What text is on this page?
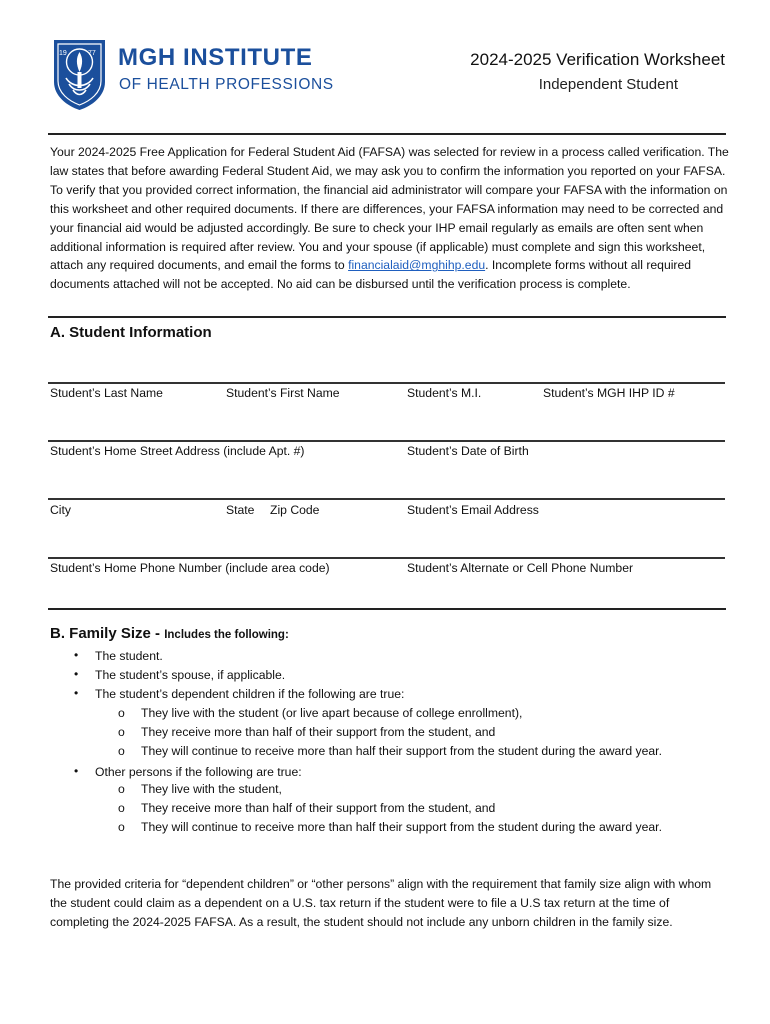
19	77 MGH INSTITUTE
OF HEALTH PROFESSIONS
2024-2025 Verification Worksheet
Independent Student
Your 2024-2025 Free Application for Federal Student Aid (FAFSA) was selected for review in a process called verification. The law states that before awarding Federal Student Aid, we may ask you to confirm the information you reported on your FAFSA. To verify that you provided correct information, the financial aid administrator will compare your FAFSA with the information on this worksheet and other required documents. If there are differences, your FAFSA information may need to be corrected and your financial aid would be adjusted accordingly. Be sure to check your IHP email regularly as emails are often sent when additional information is required after review. You and your spouse (if applicable) must complete and sign this worksheet, attach any required documents, and email the forms to financialaid@mghihp.edu. Incomplete forms without all required documents attached will not be accepted. No aid can be disbursed until the verification process is complete.
A. Student Information
Student’s Last Name	Student’s First Name	Student’s M.I.	Student’s MGH IHP ID #
Student’s Home Street Address (include Apt. #)	Student’s Date of Birth
City	State Zip Code	Student’s Email Address
Student’s Home Phone Number (include area code)	Student’s Alternate or Cell Phone Number
B. Family Size - Includes the following:
• The student.
• The student’s spouse, if applicable.
• The student’s dependent children if the following are true:
o They live with the student (or live apart because of college enrollment),
o They receive more than half of their support from the student, and
o They will continue to receive more than half their support from the student during the award year.
• Other persons if the following are true:
o They live with the student,
o They receive more than half of their support from the student, and
o They will continue to receive more than half their support from the student during the award year.
The provided criteria for “dependent children” or “other persons” align with the requirement that family size align with whom the student could claim as a dependent on a U.S. tax return if the student were to file a U.S tax return at the time of completing the 2024-2025 FAFSA. As a result, the student should not include any unborn children in the family size.
